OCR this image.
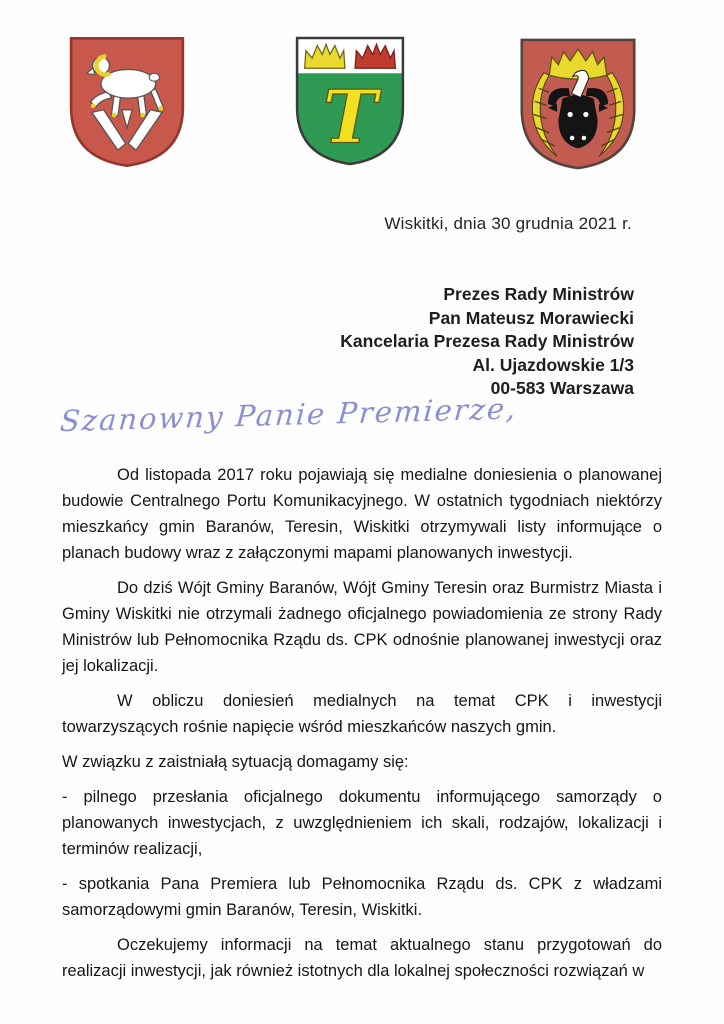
T
Wiskitki, dnia 30 grudnia 2021 r.
Prezes Rady Ministrów
Pan Mateusz Morawiecki
Kancelaria Prezesa Rady Ministrów
Al. Ujazdowskie 1/3
00-583 Warszawa
Szanowny Panie Premierze,

Od listopada 2017 roku pojawiają się medialne doniesienia o planowanej budowie Centralnego Portu Komunikacyjnego. W ostatnich tygodniach niektórzy mieszkańcy gmin Baranów, Teresin, Wiskitki otrzymywali listy informujące o planach budowy wraz z załączonymi mapami planowanych inwestycji.

Do dziś Wójt Gminy Baranów, Wójt Gminy Teresin oraz Burmistrz Miasta i Gminy Wiskitki nie otrzymali żadnego oficjalnego powiadomienia ze strony Rady Ministrów lub Pełnomocnika Rządu ds. CPK odnośnie planowanej inwestycji oraz jej lokalizacji.

W obliczu doniesień medialnych na temat CPK i inwestycji towarzyszących rośnie napięcie wśród mieszkańców naszych gmin.

W związku z zaistniałą sytuacją domagamy się:

- pilnego przesłania oficjalnego dokumentu informującego samorządy o planowanych inwestycjach, z uwzględnieniem ich skali, rodzajów, lokalizacji i terminów realizacji,

- spotkania Pana Premiera lub Pełnomocnika Rządu ds. CPK z władzami samorządowymi gmin Baranów, Teresin, Wiskitki.

Oczekujemy informacji na temat aktualnego stanu przygotowań do realizacji inwestycji, jak również istotnych dla lokalnej społeczności rozwiązań w
